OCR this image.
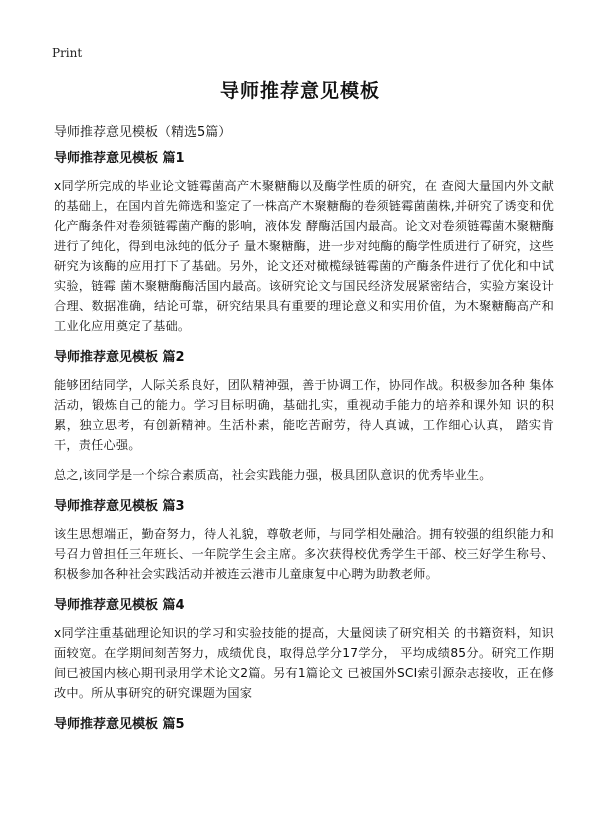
Print
导师推荐意见模板
导师推荐意见模板（精选5篇）
导师推荐意见模板 篇1

x同学所完成的毕业论文链霉菌高产木聚糖酶以及酶学性质的研究，在 查阅大量国内外文献的基础上，在国内首先筛选和鉴定了一株高产木聚糖酶的卷须链霉菌菌株,并研究了诱变和优化产酶条件对卷须链霉菌产酶的影响，液体发 酵酶活国内最高。论文对卷须链霉菌木聚糖酶进行了纯化，得到电泳纯的低分子 量木聚糖酶，进一步对纯酶的酶学性质进行了研究，这些研究为该酶的应用打下了基础。另外，论文还对橄榄绿链霉菌的产酶条件进行了优化和中试实验，链霉 菌木聚糖酶酶活国内最高。该研究论文与国民经济发展紧密结合，实验方案设计合理、数据准确，结论可靠，研究结果具有重要的理论意义和实用价值，为木聚糖酶高产和工业化应用奠定了基础。

导师推荐意见模板 篇2

能够团结同学，人际关系良好，团队精神强，善于协调工作，协同作战。积极参加各种 集体活动，锻炼自己的能力。学习目标明确，基础扎实，重视动手能力的培养和课外知 识的积累，独立思考，有创新精神。生活朴素，能吃苦耐劳，待人真诚，工作细心认真， 踏实肯干，责任心强。

总之,该同学是一个综合素质高，社会实践能力强，极具团队意识的优秀毕业生。

导师推荐意见模板 篇3

该生思想端正，勤奋努力，待人礼貌，尊敬老师，与同学相处融洽。拥有较强的组织能力和号召力曾担任三年班长、一年院学生会主席。多次获得校优秀学生干部、校三好学生称号、积极参加各种社会实践活动并被连云港市儿童康复中心聘为助教老师。

导师推荐意见模板 篇4

x同学注重基础理论知识的学习和实验技能的提高，大量阅读了研究相关 的书籍资料，知识面较宽。在学期间刻苦努力，成绩优良，取得总学分17学分， 平均成绩85分。研究工作期间已被国内核心期刊录用学术论文2篇。另有1篇论文 已被国外SCI索引源杂志接收，正在修改中。所从事研究的研究课题为国家

导师推荐意见模板 篇5
